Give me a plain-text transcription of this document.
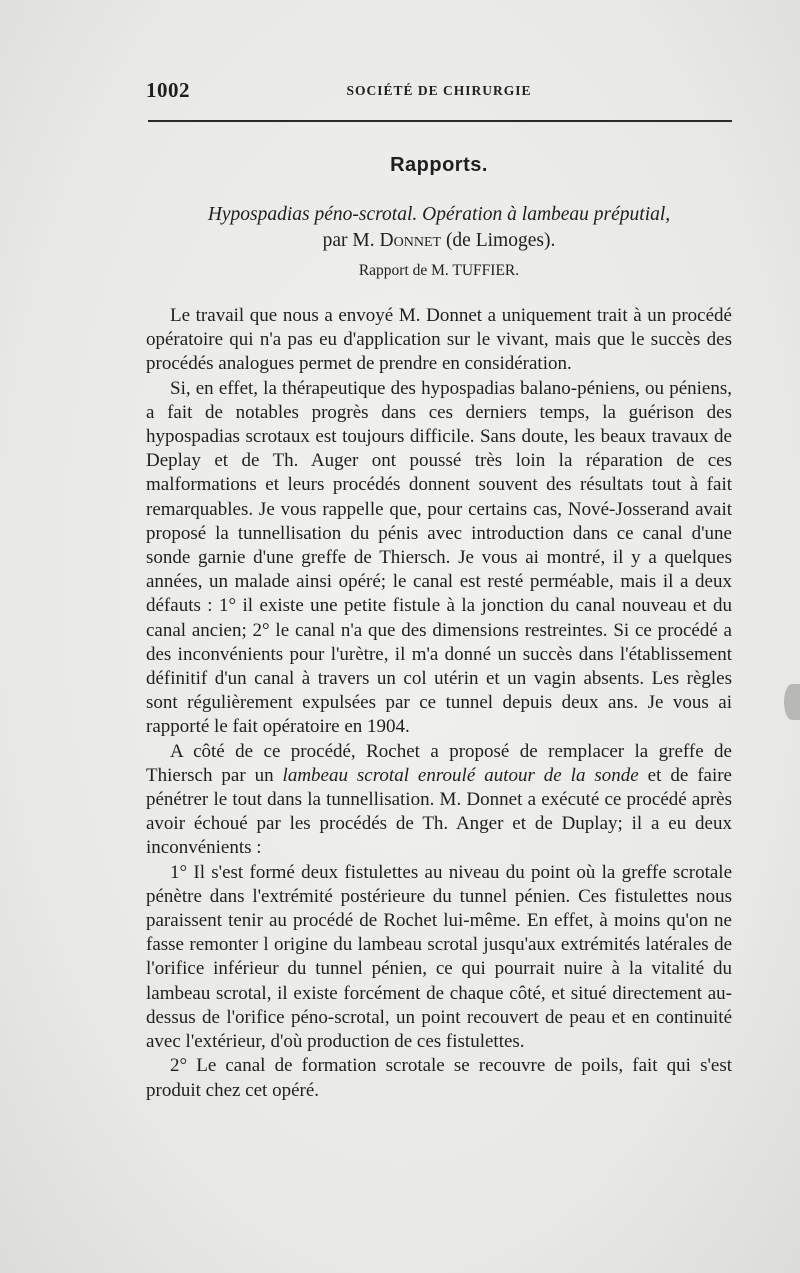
1002	SOCIÉTÉ DE CHIRURGIE
Rapports.
Hypospadias péno-scrotal. Opération à lambeau préputial,
par M. Donnet (de Limoges).
Rapport de M. TUFFIER.

Le travail que nous a envoyé M. Donnet a uniquement trait à un procédé opératoire qui n'a pas eu d'application sur le vivant, mais que le succès des procédés analogues permet de prendre en considération.

Si, en effet, la thérapeutique des hypospadias balano-péniens, ou péniens, a fait de notables progrès dans ces derniers temps, la guérison des hypospadias scrotaux est toujours difficile. Sans doute, les beaux travaux de Deplay et de Th. Auger ont poussé très loin la réparation de ces malformations et leurs procédés donnent souvent des résultats tout à fait remarquables. Je vous rappelle que, pour certains cas, Nové-Josserand avait proposé la tunnellisation du pénis avec introduction dans ce canal d'une sonde garnie d'une greffe de Thiersch. Je vous ai montré, il y a quelques années, un malade ainsi opéré; le canal est resté perméable, mais il a deux défauts : 1° il existe une petite fistule à la jonction du canal nouveau et du canal ancien; 2° le canal n'a que des dimensions restreintes. Si ce procédé a des inconvénients pour l'urètre, il m'a donné un succès dans l'établissement définitif d'un canal à travers un col utérin et un vagin absents. Les règles sont régulièrement expulsées par ce tunnel depuis deux ans. Je vous ai rapporté le fait opératoire en 1904.

A côté de ce procédé, Rochet a proposé de remplacer la greffe de Thiersch par un lambeau scrotal enroulé autour de la sonde et de faire pénétrer le tout dans la tunnellisation. M. Donnet a exécuté ce procédé après avoir échoué par les procédés de Th. Anger et de Duplay; il a eu deux inconvénients :

1° Il s'est formé deux fistulettes au niveau du point où la greffe scrotale pénètre dans l'extrémité postérieure du tunnel pénien. Ces fistulettes nous paraissent tenir au procédé de Rochet lui-même. En effet, à moins qu'on ne fasse remonter l origine du lambeau scrotal jusqu'aux extrémités latérales de l'orifice inférieur du tunnel pénien, ce qui pourrait nuire à la vitalité du lambeau scrotal, il existe forcément de chaque côté, et situé directement au-dessus de l'orifice péno-scrotal, un point recouvert de peau et en continuité avec l'extérieur, d'où production de ces fistulettes.

2° Le canal de formation scrotale se recouvre de poils, fait qui s'est produit chez cet opéré.
